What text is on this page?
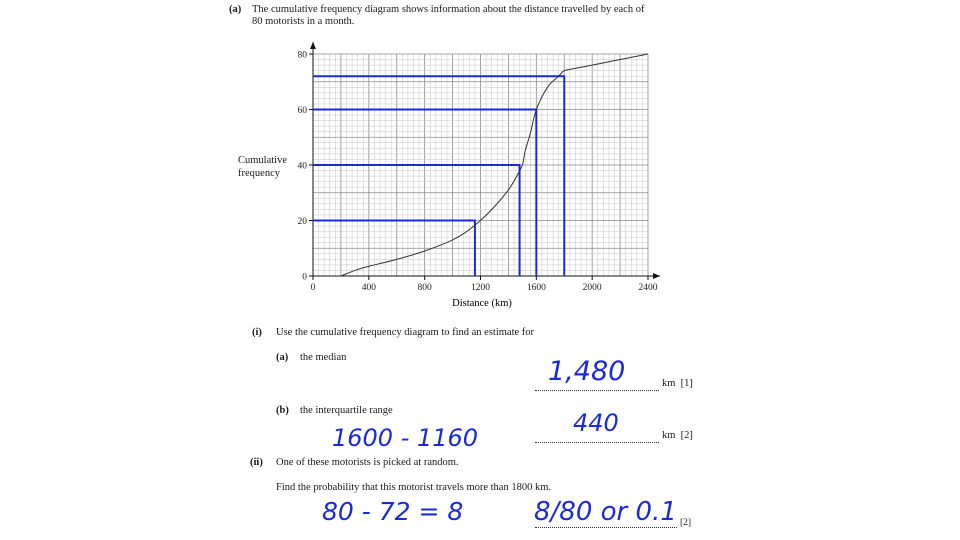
(a) The cumulative frequency diagram shows information about the distance travelled by each of
80 motorists in a month.
Cumulative
frequency
0	400	800	1200	1600	2000	2400
0
20
40
60
80
Distance (km)
(i) Use the cumulative frequency diagram to find an estimate for
(a) the median
km [1]
(b) the interquartile range
km [2]
(ii) One of these motorists is picked at random.
Find the probability that this motorist travels more than 1800 km.
[2]
1,480
1600 - 1160
440
80 - 72 = 8	8/80 or 0.1
